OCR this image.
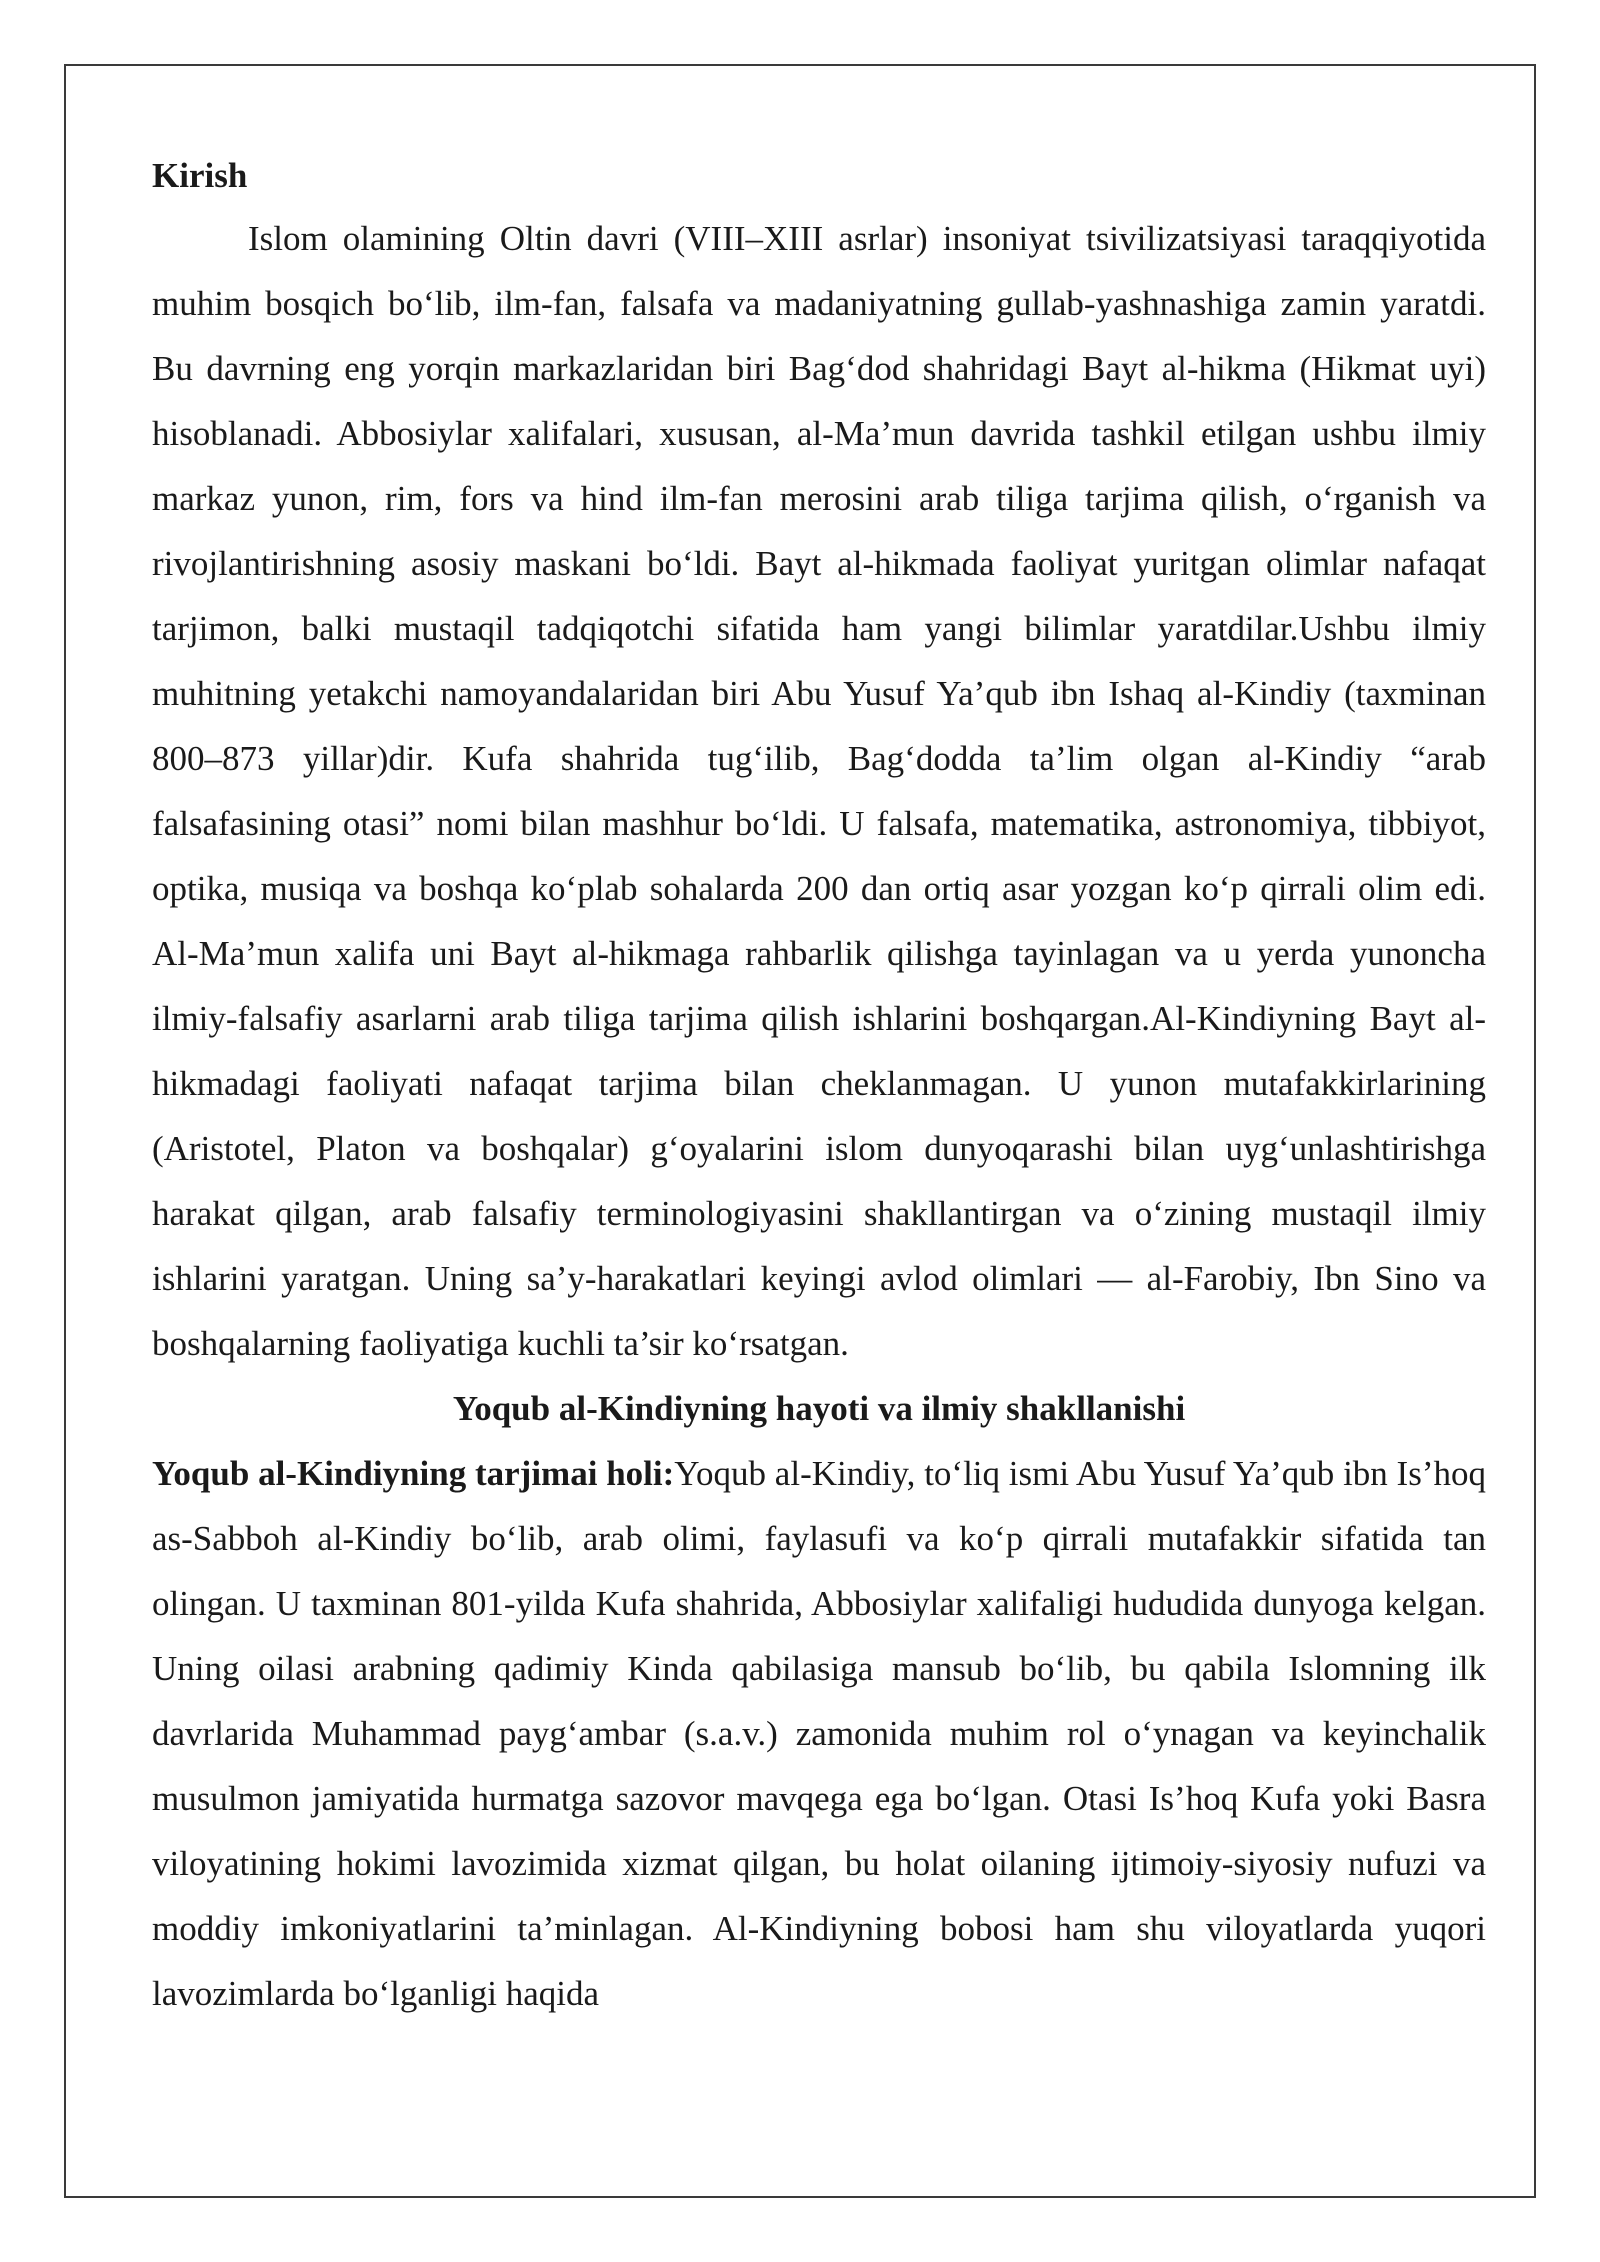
Kirish

Islom olamining Oltin davri (VIII–XIII asrlar) insoniyat tsivilizatsiyasi taraqqiyotida muhim bosqich bo‘lib, ilm-fan, falsafa va madaniyatning gullab-yashnashiga zamin yaratdi. Bu davrning eng yorqin markazlaridan biri Bag‘dod shahridagi Bayt al-hikma (Hikmat uyi) hisoblanadi. Abbosiylar xalifalari, xususan, al-Ma’mun davrida tashkil etilgan ushbu ilmiy markaz yunon, rim, fors va hind ilm-fan merosini arab tiliga tarjima qilish, o‘rganish va rivojlantirishning asosiy maskani bo‘ldi. Bayt al-hikmada faoliyat yuritgan olimlar nafaqat tarjimon, balki mustaqil tadqiqotchi sifatida ham yangi bilimlar yaratdilar.Ushbu ilmiy muhitning yetakchi namoyandalaridan biri Abu Yusuf Ya’qub ibn Ishaq al-Kindiy (taxminan 800–873 yillar)dir. Kufa shahrida tug‘ilib, Bag‘dodda ta’lim olgan al-Kindiy “arab falsafasining otasi” nomi bilan mashhur bo‘ldi. U falsafa, matematika, astronomiya, tibbiyot, optika, musiqa va boshqa ko‘plab sohalarda 200 dan ortiq asar yozgan ko‘p qirrali olim edi. Al-Ma’mun xalifa uni Bayt al-hikmaga rahbarlik qilishga tayinlagan va u yerda yunoncha ilmiy-falsafiy asarlarni arab tiliga tarjima qilish ishlarini boshqargan.Al-Kindiyning Bayt al-hikmadagi faoliyati nafaqat tarjima bilan cheklanmagan. U yunon mutafakkirlarining (Aristotel, Platon va boshqalar) g‘oyalarini islom dunyoqarashi bilan uyg‘unlashtirishga harakat qilgan, arab falsafiy terminologiyasini shakllantirgan va o‘zining mustaqil ilmiy ishlarini yaratgan. Uning sa’y-harakatlari keyingi avlod olimlari — al-Farobiy, Ibn Sino va boshqalarning faoliyatiga kuchli ta’sir ko‘rsatgan.

Yoqub al-Kindiyning hayoti va ilmiy shakllanishi

Yoqub al-Kindiyning tarjimai holi:Yoqub al-Kindiy, to‘liq ismi Abu Yusuf Ya’qub ibn Is’hoq as-Sabboh al-Kindiy bo‘lib, arab olimi, faylasufi va ko‘p qirrali mutafakkir sifatida tan olingan. U taxminan 801-yilda Kufa shahrida, Abbosiylar xalifaligi hududida dunyoga kelgan. Uning oilasi arabning qadimiy Kinda qabilasiga mansub bo‘lib, bu qabila Islomning ilk davrlarida Muhammad payg‘ambar (s.a.v.) zamonida muhim rol o‘ynagan va keyinchalik musulmon jamiyatida hurmatga sazovor mavqega ega bo‘lgan. Otasi Is’hoq Kufa yoki Basra viloyatining hokimi lavozimida xizmat qilgan, bu holat oilaning ijtimoiy-siyosiy nufuzi va moddiy imkoniyatlarini ta’minlagan. Al-Kindiyning bobosi ham shu viloyatlarda yuqori lavozimlarda bo‘lganligi haqida
